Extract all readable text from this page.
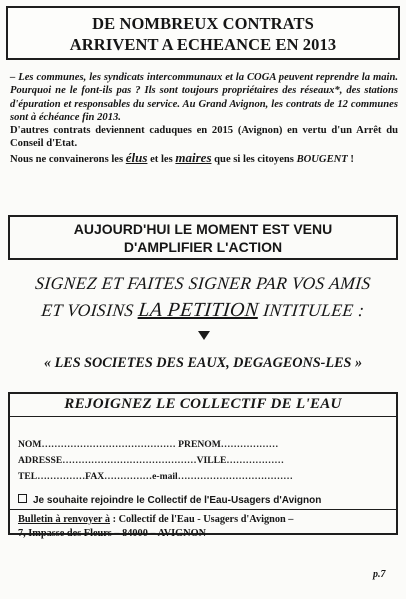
DE NOMBREUX CONTRATS
ARRIVENT A ECHEANCE EN 2013
– Les communes, les syndicats intercommunaux et la COGA peuvent reprendre la main. Pourquoi ne le font-ils pas ? Ils sont toujours propriétaires des réseaux*, des stations d'épuration et responsables du service. Au Grand Avignon, les contrats de 12 communes sont à échéance fin 2013.
D'autres contrats deviennent caduques en 2015 (Avignon) en vertu d'un Arrêt du Conseil d'Etat.
Nous ne convainerons les élus et les maires que si les citoyens BOUGENT !
AUJOURD'HUI LE MOMENT EST VENU
D'AMPLIFIER L'ACTION

SIGNEZ ET FAITES SIGNER PAR VOS AMIS

ET VOISINS LA PETITION INTITULEE :

« LES SOCIETES DES EAUX, DEGAGEONS-LES »

REJOIGNEZ LE COLLECTIF DE L'EAU
NOM…………………………………… PRENOM………………
ADRESSE……………………………………VILLE………………
TEL……………FAX……………e-mail………………………………
Je souhaite rejoindre le Collectif de l'Eau-Usagers d'Avignon
Bulletin à renvoyer à : Collectif de l'Eau - Usagers d'Avignon –
7, Impasse des Fleurs – 84000 – AVIGNON
p.7
